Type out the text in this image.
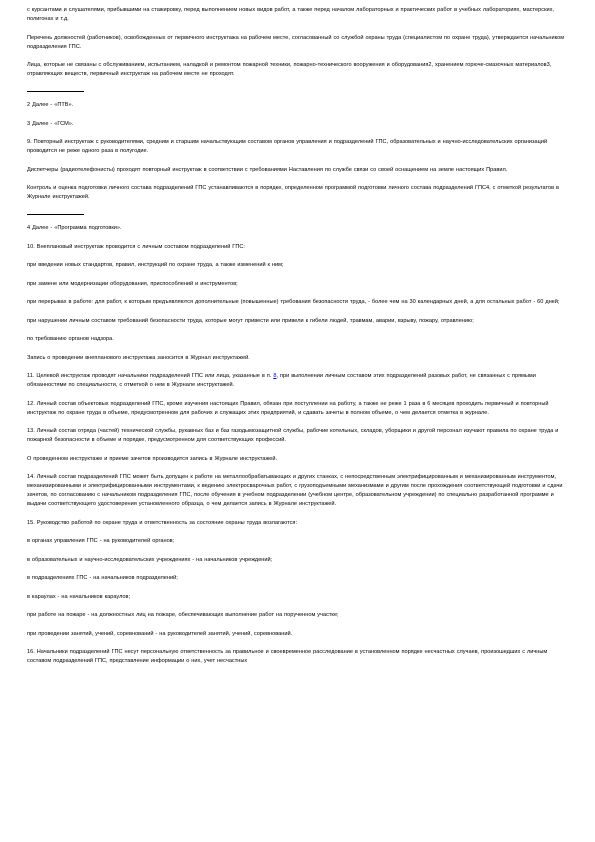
с курсантами и слушателями, прибывшими на стажировку, перед выполнением новых видов работ, а также перед началом лабораторных и практических работ в учебных лабораториях, мастерских, полигонах и т.д.

Перечень должностей (работников), освобожденных от первичного инструктажа на рабочем месте, согласованный со службой охраны труда (специалистом по охране труда), утверждается начальником подразделения ГПС.

Лица, которые не связаны с обслуживанием, испытанием, наладкой и ремонтом пожарной техники, пожарно-технического вооружения и оборудования2, хранением горюче-смазочных материалов3, отравляющих веществ, первичный инструктаж на рабочем месте не проходят.

2 Далее - «ПТВ».

3 Далее - «ГСМ».

9. Повторный инструктаж с руководителями, средним и старшим начальствующим составом органов управления и подразделений ГПС, образовательных и научно-исследовательских организаций проводится не реже одного раза в полугодие.

Диспетчеры (радиотелефонисты) проходят повторный инструктаж в соответствии с требованиями Наставления по службе связи со своей оснащением на земле настоящих Правил.

Контроль и оценка подготовки личного состава подразделений ГПС устанавливаются в порядке, определенном программой подготовки личного состава подразделений ГПС4, с отметкой результатов в Журнале инструктажей.

4 Далее - «Программа подготовки».

10. Внеплановый инструктаж проводится с личным составом подразделений ГПС:

при введении новых стандартов, правил, инструкций по охране труда, а также изменений к ним;

при замене или модернизации оборудования, приспособлений и инструментов;

при перерывах в работе: для работ, к которым предъявляются дополнительные (повышенные) требования безопасности труда, - более чем на 30 календарных дней, а для остальных работ - 60 дней;

при нарушении личным составом требований безопасности труда, которые могут привести или привели к гибели людей, травмам, аварии, взрыву, пожару, отравлению;

по требованию органов надзора.

Запись о проведении внепланового инструктажа заносится в Журнал инструктажей.

11. Целевой инструктаж проводят начальники подразделений ГПС или лица, указанные в п. 8, при выполнении личным составом этих подразделений разовых работ, не связанных с прямыми обязанностями по специальности, с отметкой о нем в Журнале инструктажей.

12. Личный состав объектовых подразделений ГПС, кроме изучения настоящих Правил, обязан при поступлении на работу, а также не реже 1 раза в 6 месяцев проходить первичный и повторный инструктаж по охране труда в объеме, предусмотренном для рабочих и служащих этих предприятий, и сдавать зачеты в полном объеме, о чем делается отметка в журнале.

13. Личный состав отряда (частей) технической службы, рукавных баз и баз газодымозащитной службы, рабочие котельных, складов, уборщики и другой персонал изучают правила по охране труда и пожарной безопасности в объеме и порядке, предусмотренном для соответствующих профессий.

О проведенном инструктаже и приеме зачетов производится запись в Журнале инструктажей.

14. Личный состав подразделений ГПС может быть допущен к работе на металлообрабатывающих и других станках, с непосредственным электрифицированным и механизированным инструментом, механизированными и электрифицированными инструментами, к ведению электросварочных работ, с грузоподъемными механизмами и другим после прохождения соответствующей подготовки и сдачи зачетов, по согласованию с начальником подразделения ГПС, после обучения в учебном подразделении (учебном центре, образовательном учреждении) по специально разработанной программе и выдачи соответствующего удостоверения установленного образца, о чем делается запись в Журнале инструктажей.

15. Руководство работой по охране труда и ответственность за состояние охраны труда возлагаются:

в органах управления ГПС - на руководителей органов;

в образовательных и научно-исследовательских учреждениях - на начальников учреждений;

в подразделениях ГПС - на начальников подразделений;

в караулах - на начальников караулов;

при работе на пожаре - на должностных лиц на пожаре, обеспечивающих выполнение работ на порученном участке;

при проведении занятий, учений, соревнований - на руководителей занятий, учений, соревнований.

16. Начальники подразделений ГПС несут персональную ответственность за правильное и своевременное расследование в установленном порядке несчастных случаев, произошедших с личным составом подразделений ГПС, представление информации о них, учет несчастных
